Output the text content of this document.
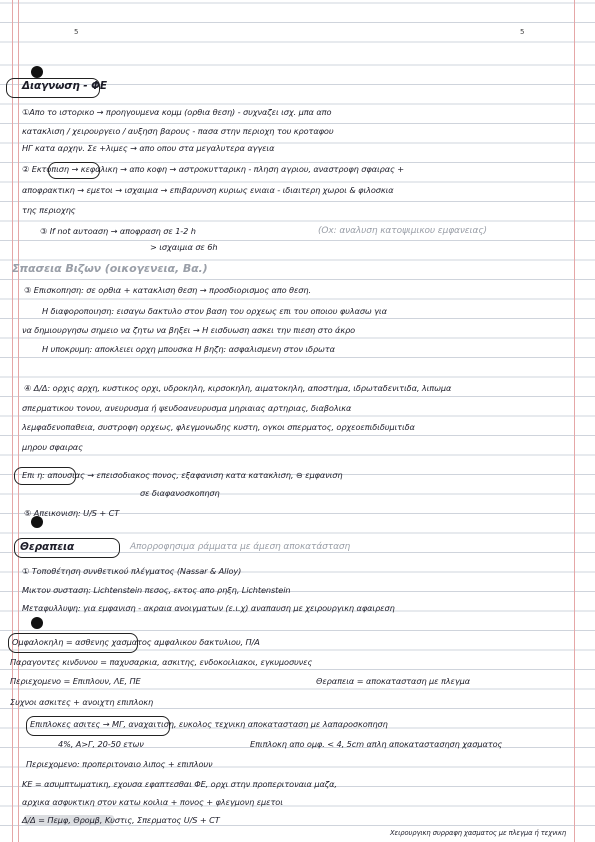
5	5
Διαγνωση - ΦΕ
①Απο το ιστορικο → προηγουμενα κομμ (ορθια θεση) - συχναζει ισχ. μπα απο
κατακλιση / χειρουργειο / αυξηση βαρους - πασα στην περιοχη του κροταφου
ΗΓ κατα αρχην. Σε +λιμες → απο οπου στα μεγαλυτερα αγγεια
② Εκτοπιση → κεφαλικη → απο κοφη → αστροκυτταρικη - πληση αγριου, αναστροφη σφαιρας +
αποφρακτικη → εμετοι → ισχαιμια → επιβαρυνση κυριως ενιαια - ιδιαιτερη χωροι & φιλοσκια
της περιοχης
③ If not αυτοαση → αποφραση σε 1-2 h
> ισχαιμια σε 6h
(Ox: αναλυση κατοψιμικου εμφανειας)
Σπασεια Βιζων (οικογενεια, Βα.)
③ Επισκοπηση: σε ορθια + κατακλιση θεση → προσδιορισμος απο θεση.
Η διαφοροποιηση: εισαγω δακτυλο στον βαση του ορχεως επι του οποιου φυλασω για
να δημιουργησω σημειο να ζητω να βηξει → Η εισδυωση ασκει την πιεση στο άκρο
Η υποκρυμη: αποκλειει ορχη μπουσκα Η βηζη: ασφαλισμενη στον ιδρωτα
④ Δ/Δ: ορχις αρχη, κυστικος ορχι, υδροκηλη, κιρσοκηλη, αιματοκηλη, αποστημα, ιδρωταδενιτιδα, λιπωμα
σπερματικου τονου, ανευρυσμα ή ψευδοανευρυσμα μηριαιας αρτηριας, διαβολικα
λεμφαδενοπαθεια, συστροφη ορχεως, φλεγμονωδης κυστη, ογκοι σπερματος, ορχεοεπιδιδυμιτιδα
μηρου σφαιρας
Επι η: απουσιας → επεισοδιακος πονος, εξαφανιση κατα κατακλιση, ⊖ εμφανιση
σε διαφανοσκοπηση
⑤ Απεικονιση: U/S + CT
Θεραπεια	Απορροφησιμα ράμματα με άμεση αποκατάσταση
① Τοποθέτηση συνθετικού πλέγματος (Nassar & Alloy)
Μικτον συσταση: Lichtenstein πεσος, εκτος απο ρηξη, Lichtenstein
Μεταφυλλυψη: για εμφανιση - ακραια ανοιγματων (ε.ι.χ) αναπαυση με χειρουργικη αφαιρεση
Ομφαλοκηλη = ασθενης χασματος αμφαλικου δακτυλιου, Π/Α
Παραγοντες κινδυνου = παχυσαρκια, ασκιτης, ενδοκοιλιακοι, εγκυμοσυνες
Περιεχομενο = Επιπλουν, ΛΕ, ΠΕ	Θεραπεια = αποκατασταση με πλεγμα
Συχνοι ασκιτες + ανοιχτη επιπλοκη
Επιπλοκες ασιτες → ΜΓ, αναχαιτιση, ευκολος τεχνικη αποκατασταση με λαπαροσκοπηση
Επιπλοκη απο ομφ. < 4, 5cm απλη αποκαταστασηση χασματος
4%, Α>Γ, 20-50 ετων
Περιεχομενο: προπεριτοναιο λιπος + επιπλουν
ΚΕ = ασυμπτωματικη, εχουσα εφαπτεσθαι ΦΕ, ορχι στην προπεριτοναια μαζα,
αρχικα ασφυκτικη στον κατω κοιλια + πονος + φλεγμονη εμετοι
Δ/Δ = Πεμφ, Θρομβ, Κυστις, Σπερματος U/S + CT
Χειρουργικη συρραφη χασματος με πλεγμα ή τεχνικη
